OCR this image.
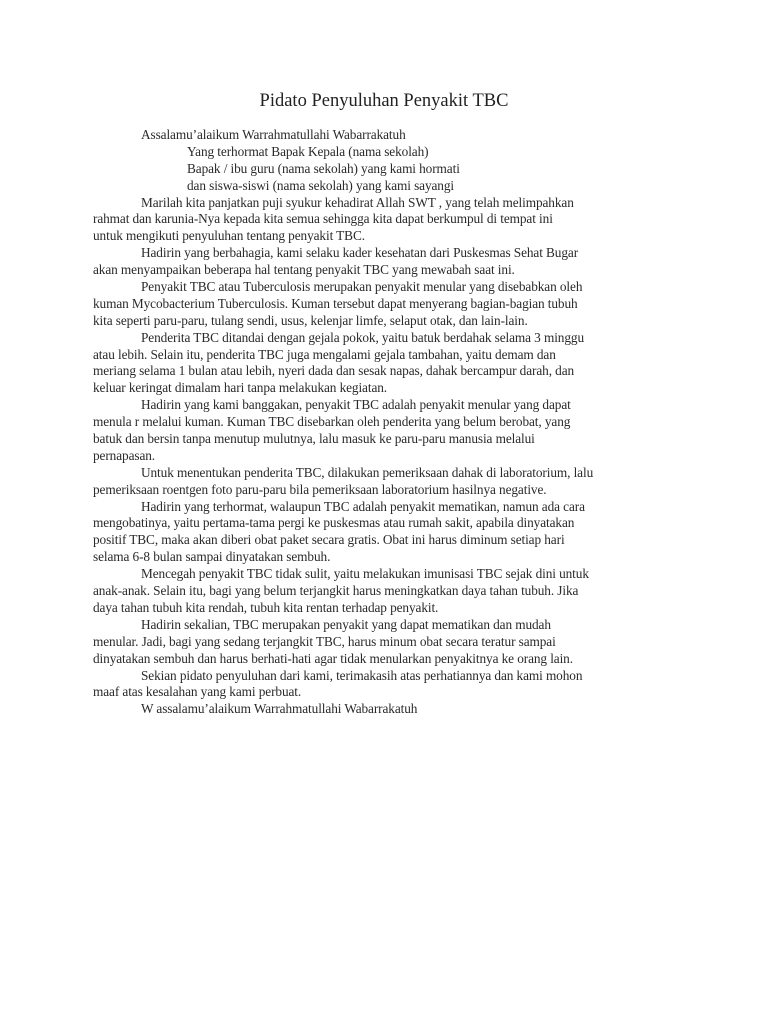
Pidato Penyuluhan Penyakit TBC
Assalamu’alaikum Warrahmatullahi Wabarrakatuh
Yang terhormat Bapak Kepala (nama sekolah)
Bapak / ibu guru (nama sekolah) yang kami hormati
dan siswa-siswi (nama sekolah) yang kami sayangi
Marilah kita panjatkan puji syukur kehadirat Allah SWT , yang telah melimpahkan
rahmat dan karunia-Nya kepada kita semua sehingga kita dapat berkumpul di tempat ini
untuk mengikuti penyuluhan tentang penyakit TBC.
Hadirin yang berbahagia, kami selaku kader kesehatan dari Puskesmas Sehat Bugar
akan menyampaikan beberapa hal tentang penyakit TBC yang mewabah saat ini.
Penyakit TBC atau Tuberculosis merupakan penyakit menular yang disebabkan oleh
kuman Mycobacterium Tuberculosis. Kuman tersebut dapat menyerang bagian-bagian tubuh
kita seperti paru-paru, tulang sendi, usus, kelenjar limfe, selaput otak, dan lain-lain.
Penderita TBC ditandai dengan gejala pokok, yaitu batuk berdahak selama 3 minggu
atau lebih. Selain itu, penderita TBC juga mengalami gejala tambahan, yaitu demam dan
meriang selama 1 bulan atau lebih, nyeri dada dan sesak napas, dahak bercampur darah, dan
keluar keringat dimalam hari tanpa melakukan kegiatan.
Hadirin yang kami banggakan, penyakit TBC adalah penyakit menular yang dapat
menula r melalui kuman. Kuman TBC disebarkan oleh penderita yang belum berobat, yang
batuk dan bersin tanpa menutup mulutnya, lalu masuk ke paru-paru manusia melalui
pernapasan.
Untuk menentukan penderita TBC, dilakukan pemeriksaan dahak di laboratorium, lalu
pemeriksaan roentgen foto paru-paru bila pemeriksaan laboratorium hasilnya negative.
Hadirin yang terhormat, walaupun TBC adalah penyakit mematikan, namun ada cara
mengobatinya, yaitu pertama-tama pergi ke puskesmas atau rumah sakit, apabila dinyatakan
positif TBC, maka akan diberi obat paket secara gratis. Obat ini harus diminum setiap hari
selama 6-8 bulan sampai dinyatakan sembuh.
Mencegah penyakit TBC tidak sulit, yaitu melakukan imunisasi TBC sejak dini untuk
anak-anak. Selain itu, bagi yang belum terjangkit harus meningkatkan daya tahan tubuh. Jika
daya tahan tubuh kita rendah, tubuh kita rentan terhadap penyakit.
Hadirin sekalian, TBC merupakan penyakit yang dapat mematikan dan mudah
menular. Jadi, bagi yang sedang terjangkit TBC, harus minum obat secara teratur sampai
dinyatakan sembuh dan harus berhati-hati agar tidak menularkan penyakitnya ke orang lain.
Sekian pidato penyuluhan dari kami, terimakasih atas perhatiannya dan kami mohon
maaf atas kesalahan yang kami perbuat.
W assalamu’alaikum Warrahmatullahi Wabarrakatuh
